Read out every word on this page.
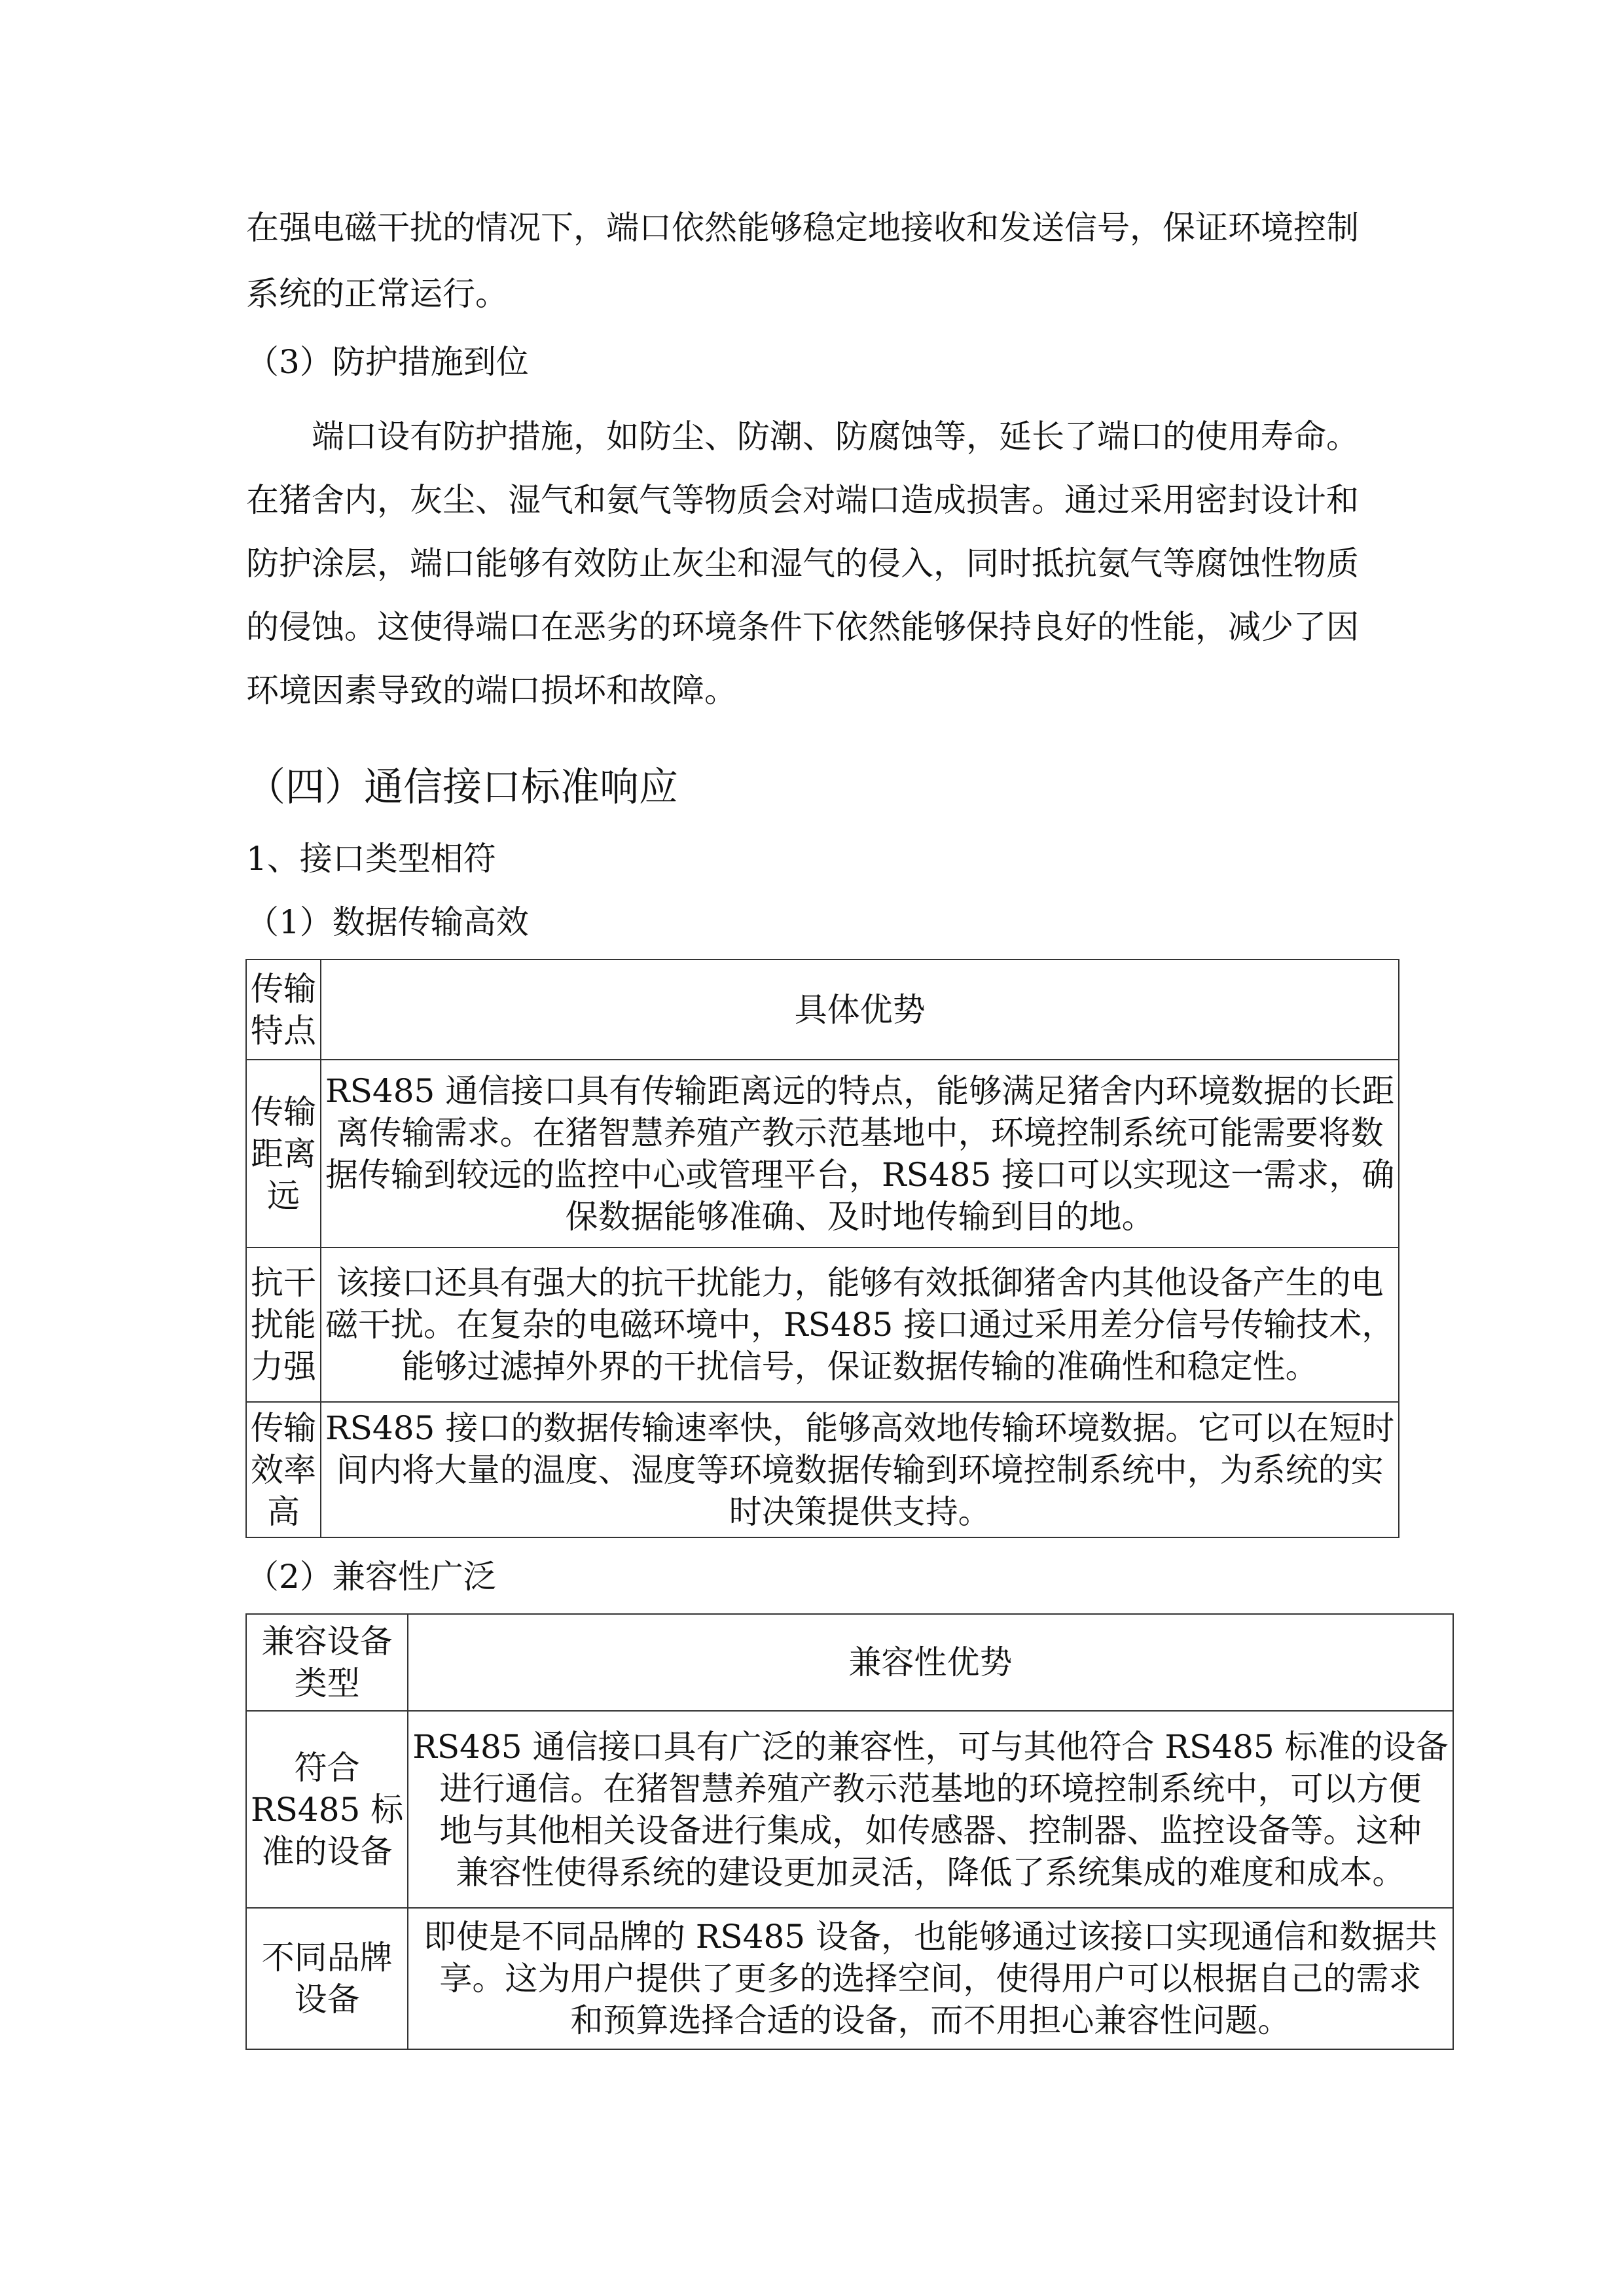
在强电磁干扰的情况下，端口依然能够稳定地接收和发送信号，保证环境控制
系统的正常运行。
（3）防护措施到位
　　端口设有防护措施，如防尘、防潮、防腐蚀等，延长了端口的使用寿命。
在猪舍内，灰尘、湿气和氨气等物质会对端口造成损害。通过采用密封设计和
防护涂层，端口能够有效防止灰尘和湿气的侵入，同时抵抗氨气等腐蚀性物质
的侵蚀。这使得端口在恶劣的环境条件下依然能够保持良好的性能，减少了因
环境因素导致的端口损坏和故障。
（四）通信接口标准响应
1、接口类型相符
（1）数据传输高效
传输
特点

具体优势

传输
距离
远

RS485 通信接口具有传输距离远的特点，能够满足猪舍内环境数据的长距
离传输需求。在猪智慧养殖产教示范基地中，环境控制系统可能需要将数
据传输到较远的监控中心或管理平台，RS485 接口可以实现这一需求，确
保数据能够准确、及时地传输到目的地。

抗干
扰能
力强

该接口还具有强大的抗干扰能力，能够有效抵御猪舍内其他设备产生的电
磁干扰。在复杂的电磁环境中，RS485 接口通过采用差分信号传输技术，
能够过滤掉外界的干扰信号，保证数据传输的准确性和稳定性。

传输
效率
高

RS485 接口的数据传输速率快，能够高效地传输环境数据。它可以在短时
间内将大量的温度、湿度等环境数据传输到环境控制系统中，为系统的实
时决策提供支持。
（2）兼容性广泛
兼容设备
类型

兼容性优势

符合
RS485 标
准的设备

RS485 通信接口具有广泛的兼容性，可与其他符合 RS485 标准的设备
进行通信。在猪智慧养殖产教示范基地的环境控制系统中，可以方便
地与其他相关设备进行集成，如传感器、控制器、监控设备等。这种
兼容性使得系统的建设更加灵活，降低了系统集成的难度和成本。

不同品牌
设备

即使是不同品牌的 RS485 设备，也能够通过该接口实现通信和数据共
享。这为用户提供了更多的选择空间，使得用户可以根据自己的需求
和预算选择合适的设备，而不用担心兼容性问题。
